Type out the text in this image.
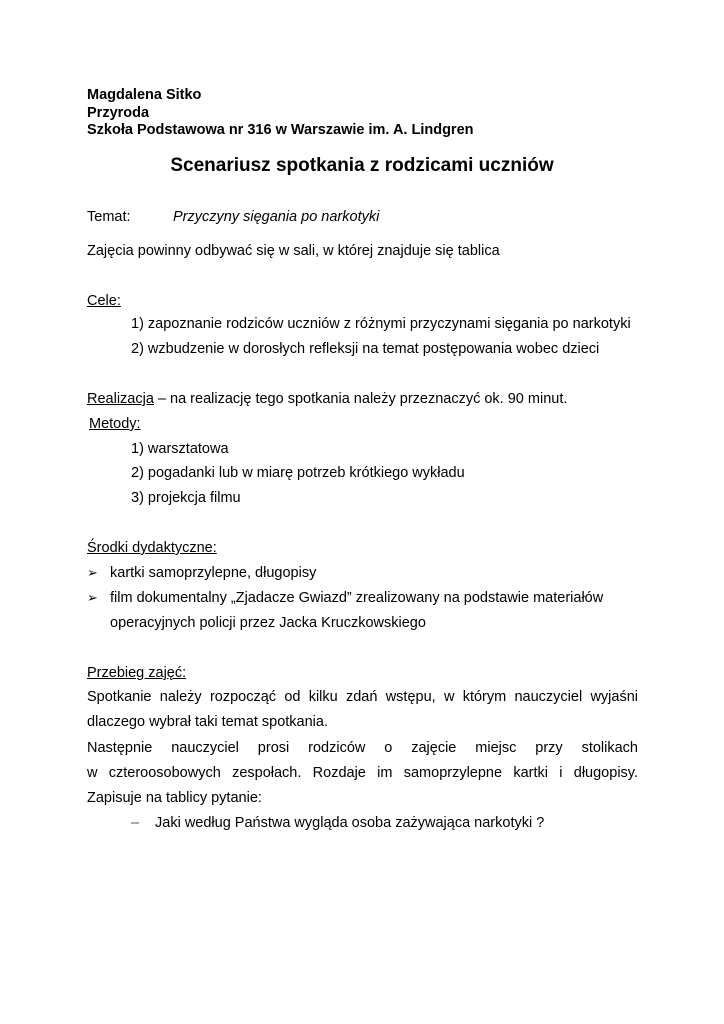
Magdalena Sitko
Przyroda
Szkoła Podstawowa nr 316 w Warszawie im. A. Lindgren
Scenariusz spotkania z rodzicami uczniów
Temat:	Przyczyny sięgania po narkotyki
Zajęcia powinny odbywać się w sali, w której znajduje się tablica
Cele:
1) zapoznanie rodziców uczniów z różnymi przyczynami sięgania po narkotyki
2) wzbudzenie w dorosłych refleksji na temat postępowania wobec dzieci
Realizacja – na realizację tego spotkania należy przeznaczyć ok. 90 minut.
Metody:
1) warsztatowa
2) pogadanki lub w miarę potrzeb krótkiego wykładu
3) projekcja filmu
Środki dydaktyczne:
➢ kartki samoprzylepne, długopisy
➢ film dokumentalny „Zjadacze Gwiazd” zrealizowany na podstawie materiałów
operacyjnych policji przez Jacka Kruczkowskiego
Przebieg zajęć:
Spotkanie należy rozpocząć od kilku zdań wstępu, w którym nauczyciel wyjaśni
dlaczego wybrał taki temat spotkania.
Następnie nauczyciel prosi rodziców o zajęcie miejsc przy stolikach
w czteroosobowych zespołach. Rozdaje im samoprzylepne kartki i długopisy.
Zapisuje na tablicy pytanie:
– Jaki według Państwa wygląda osoba zażywająca narkotyki ?
